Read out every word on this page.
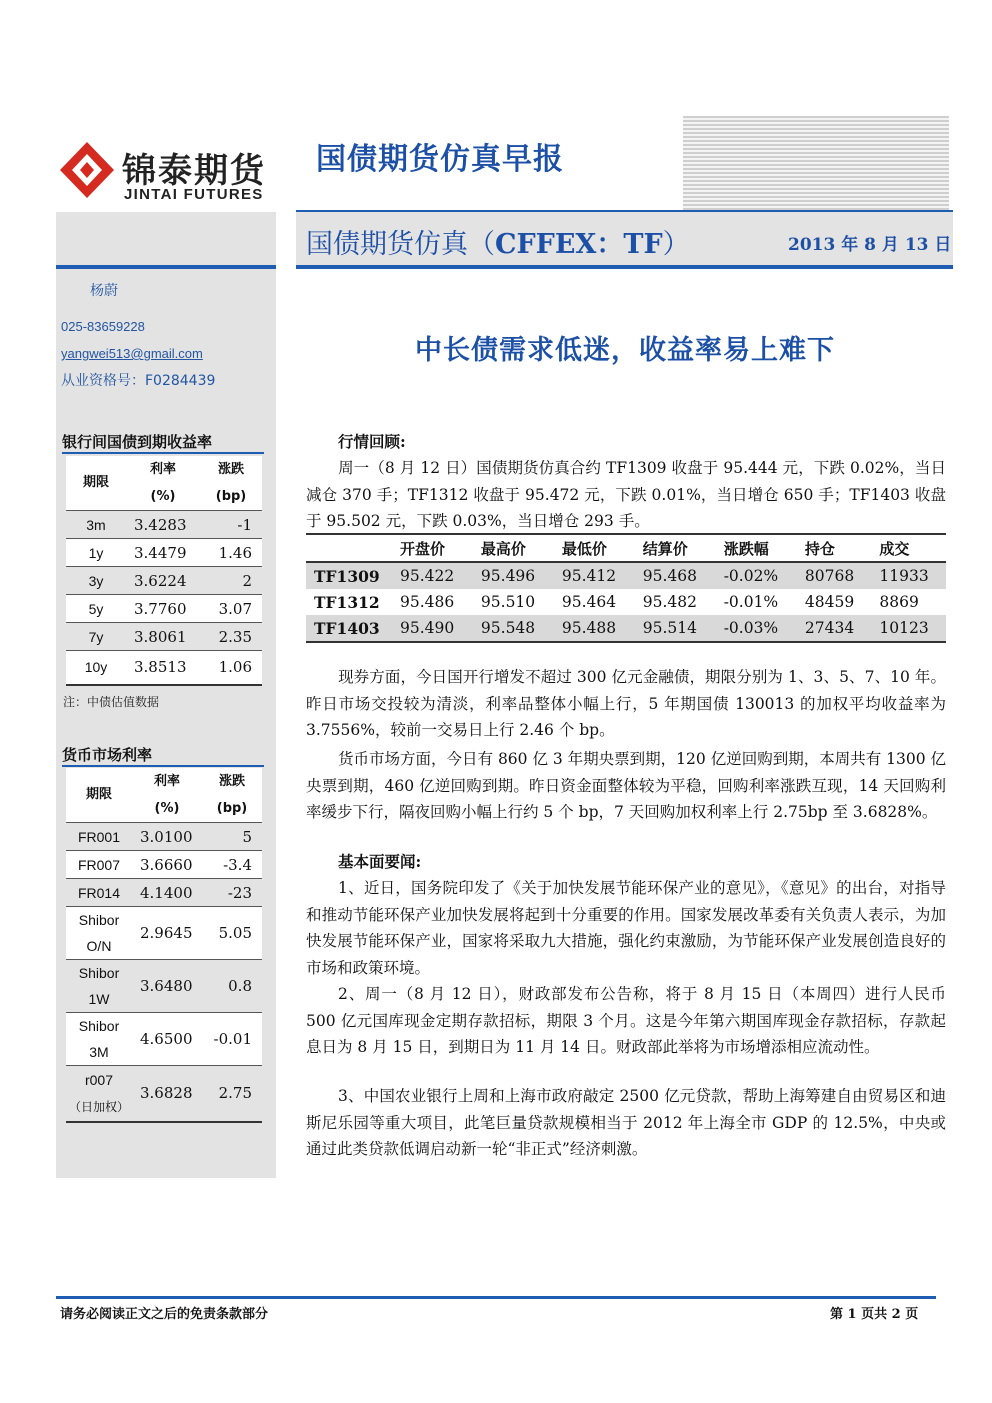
锦泰期货
JINTAI FUTURES
国债期货仿真早报
国债期货仿真（CFFEX：TF）	2013 年 8 月 13 日
杨蔚
025-83659228
yangwei513@gmail.com
从业资格号：F0284439
银行间国债到期收益率
期限	利率	涨跌
	(%)	(bp)
3m	3.4283	-1
1y	3.4479	1.46
3y	3.6224	2
5y	3.7760	3.07
7y	3.8061	2.35
10y	3.8513	1.06
注：中债估值数据
货币市场利率
期限	利率	涨跌
	(%)	(bp)
FR001	3.0100	5
FR007	3.6660	-3.4
FR014	4.1400	-23
Shibor
O/N	2.9645	5.05
Shibor
1W	3.6480	0.8
Shibor
3M	4.6500	-0.01
r007
（日加权）	3.6828	2.75
中长债需求低迷，收益率易上难下
行情回顾:
周一（8 月 12 日）国债期货仿真合约 TF1309 收盘于 95.444 元，下跌 0.02%，当日减仓 370 手；TF1312 收盘于 95.472 元，下跌 0.01%，当日增仓 650 手；TF1403 收盘于 95.502 元，下跌 0.03%，当日增仓 293 手。
	开盘价	最高价	最低价	结算价	涨跌幅	持仓	成交
TF1309	95.422	95.496	95.412	95.468	-0.02%	80768	11933
TF1312	95.486	95.510	95.464	95.482	-0.01%	48459	8869
TF1403	95.490	95.548	95.488	95.514	-0.03%	27434	10123
现券方面，今日国开行增发不超过 300 亿元金融债，期限分别为 1、3、5、7、10 年。昨日市场交投较为清淡，利率品整体小幅上行，5 年期国债 130013 的加权平均收益率为 3.7556%，较前一交易日上行 2.46 个 bp。
货币市场方面，今日有 860 亿 3 年期央票到期，120 亿逆回购到期，本周共有 1300 亿央票到期，460 亿逆回购到期。昨日资金面整体较为平稳，回购利率涨跌互现，14 天回购利率缓步下行，隔夜回购小幅上行约 5 个 bp，7 天回购加权利率上行 2.75bp 至 3.6828%。
基本面要闻:
1、近日，国务院印发了《关于加快发展节能环保产业的意见》，《意见》的出台，对指导和推动节能环保产业加快发展将起到十分重要的作用。国家发展改革委有关负责人表示，为加快发展节能环保产业，国家将采取九大措施，强化约束激励，为节能环保产业发展创造良好的市场和政策环境。
2、周一（8 月 12 日），财政部发布公告称，将于 8 月 15 日（本周四）进行人民币 500 亿元国库现金定期存款招标，期限 3 个月。这是今年第六期国库现金存款招标，存款起息日为 8 月 15 日，到期日为 11 月 14 日。财政部此举将为市场增添相应流动性。
3、中国农业银行上周和上海市政府敲定 2500 亿元贷款，帮助上海筹建自由贸易区和迪斯尼乐园等重大项目，此笔巨量贷款规模相当于 2012 年上海全市 GDP 的 12.5%，中央或通过此类贷款低调启动新一轮“非正式”经济刺激。
请务必阅读正文之后的免责条款部分	第 1 页共 2 页
